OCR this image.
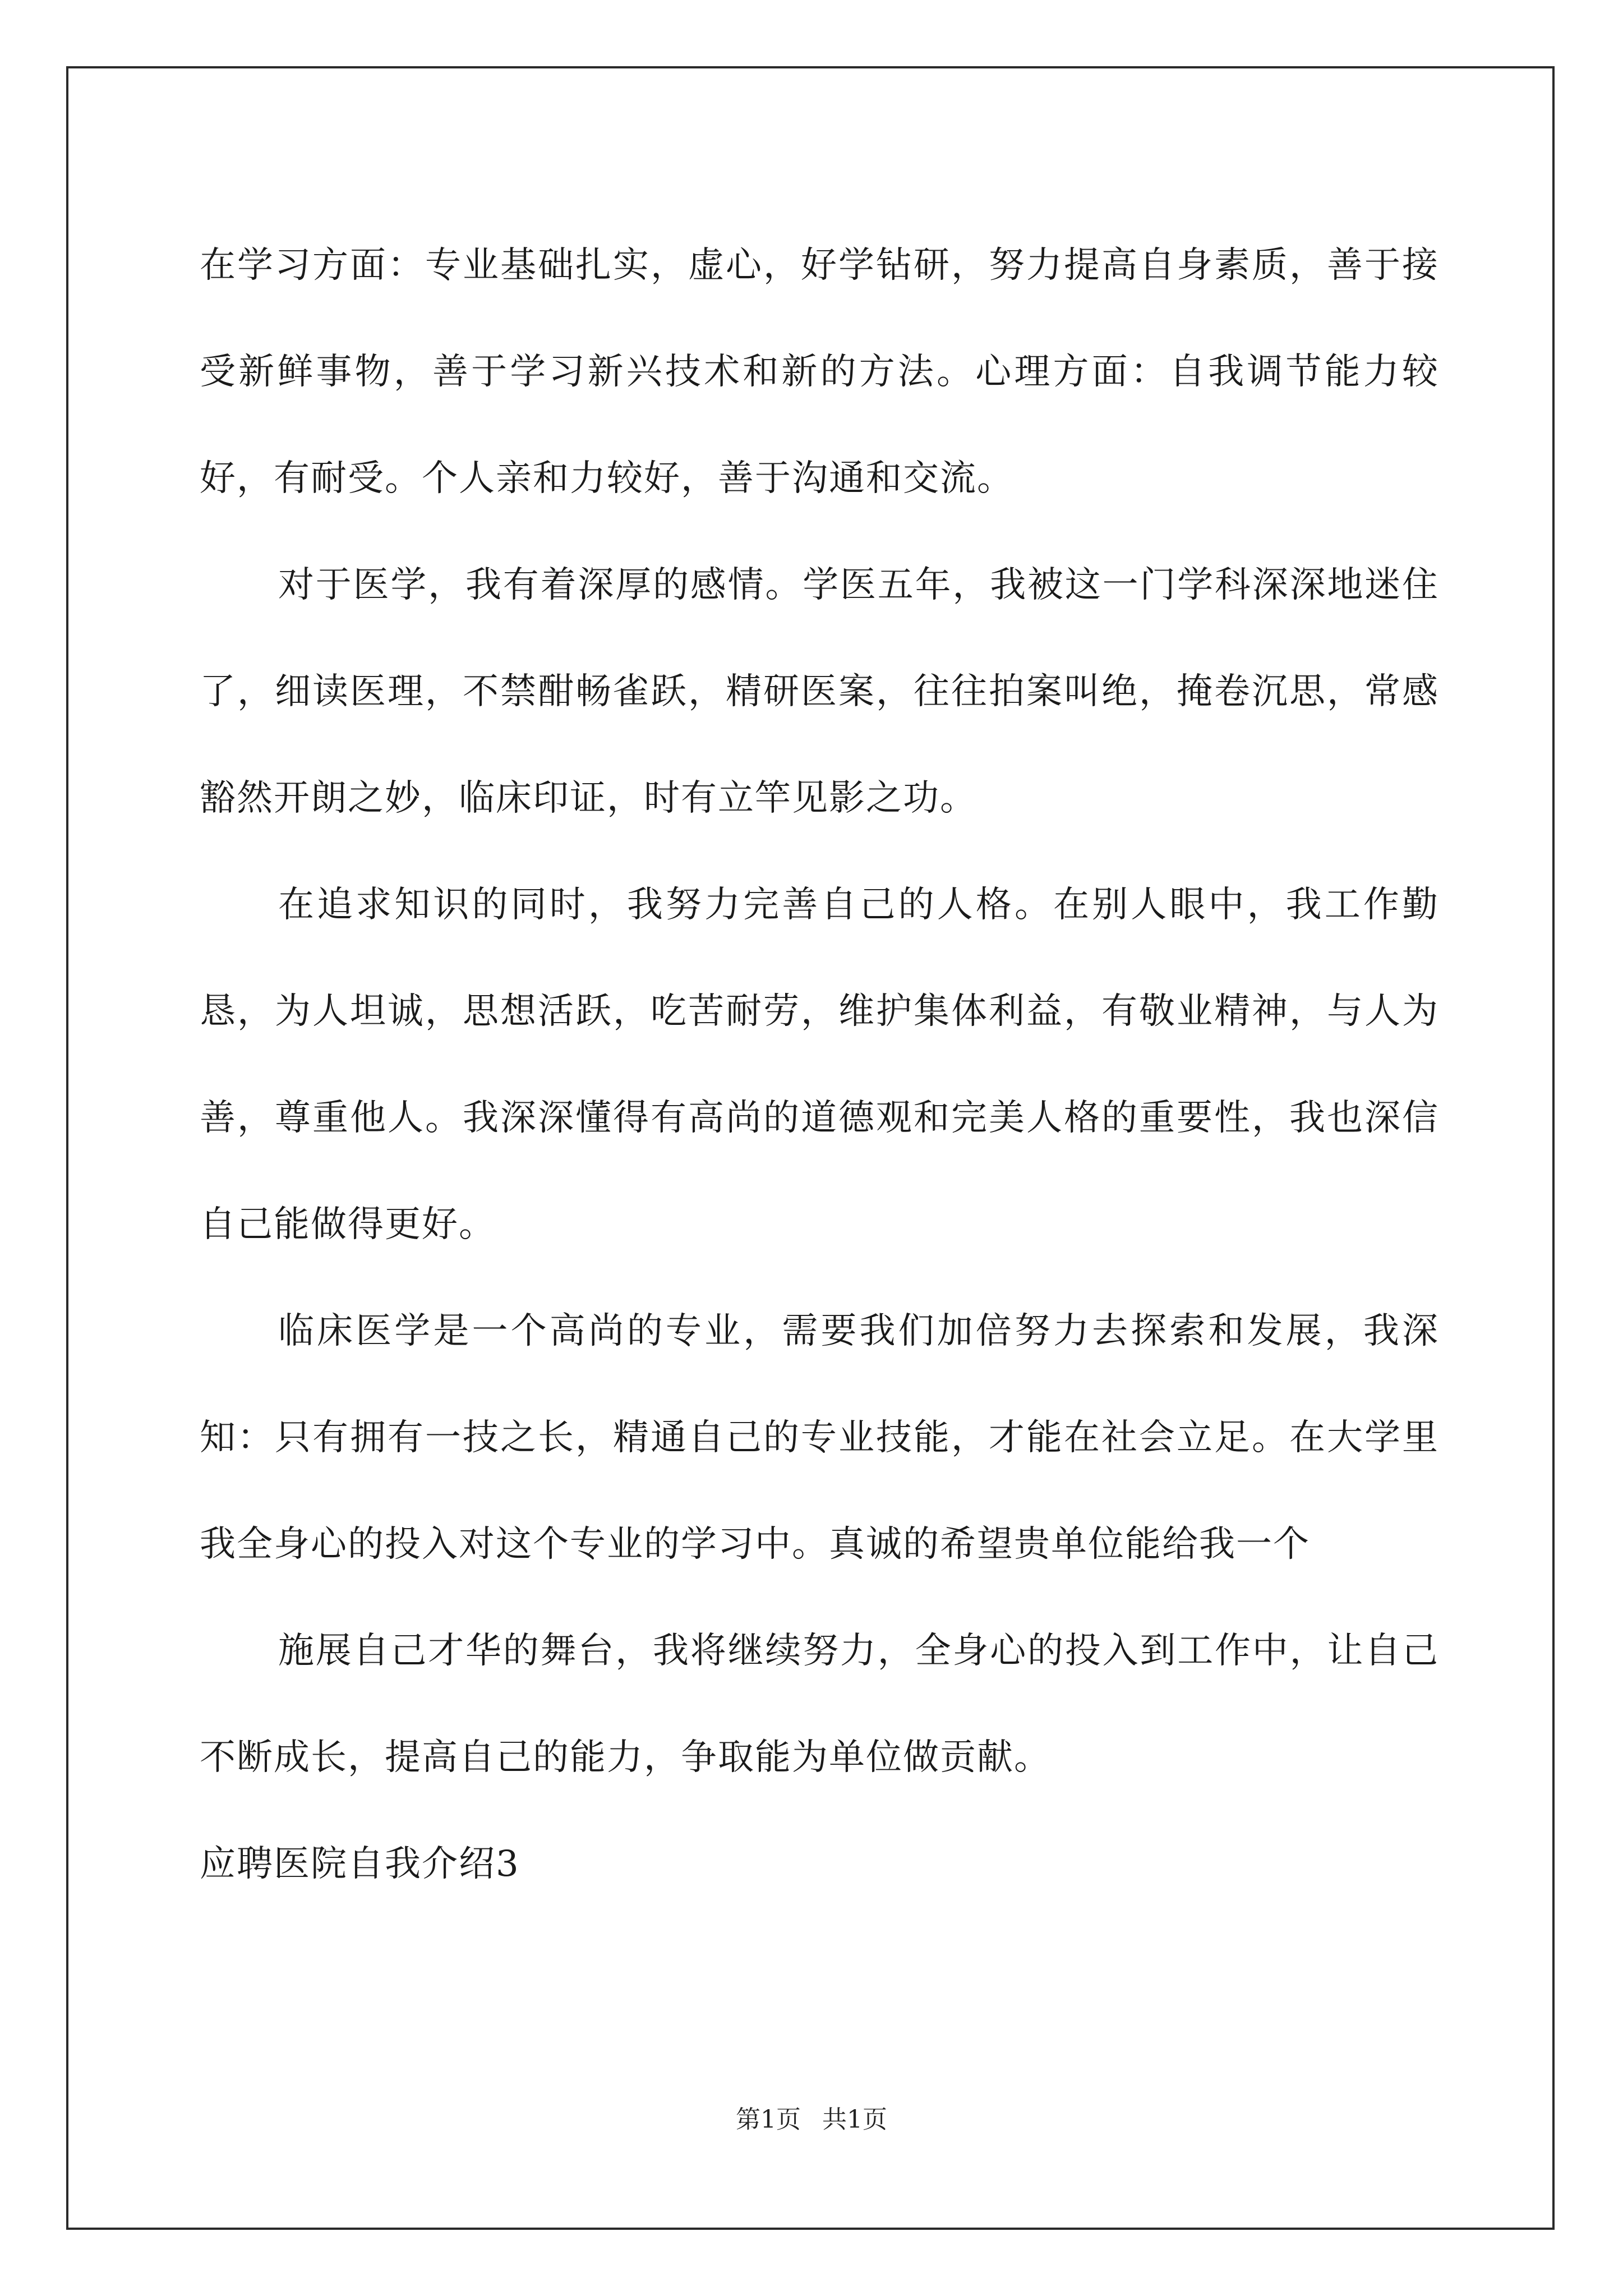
在学习方面：专业基础扎实，虚心，好学钻研，努力提高自身素质，善于接受新鲜事物，善于学习新兴技术和新的方法。心理方面：自我调节能力较好，有耐受。个人亲和力较好，善于沟通和交流。

对于医学，我有着深厚的感情。学医五年，我被这一门学科深深地迷住了，细读医理，不禁酣畅雀跃，精研医案，往往拍案叫绝，掩卷沉思，常感豁然开朗之妙，临床印证，时有立竿见影之功。

在追求知识的同时，我努力完善自己的人格。在别人眼中，我工作勤恳，为人坦诚，思想活跃，吃苦耐劳，维护集体利益，有敬业精神，与人为善，尊重他人。我深深懂得有高尚的道德观和完美人格的重要性，我也深信自己能做得更好。

临床医学是一个高尚的专业，需要我们加倍努力去探索和发展，我深知：只有拥有一技之长，精通自己的专业技能，才能在社会立足。在大学里我全身心的投入对这个专业的学习中。真诚的希望贵单位能给我一个

施展自己才华的舞台，我将继续努力，全身心的投入到工作中，让自己不断成长，提高自己的能力，争取能为单位做贡献。

应聘医院自我介绍3

第1页 共1页
